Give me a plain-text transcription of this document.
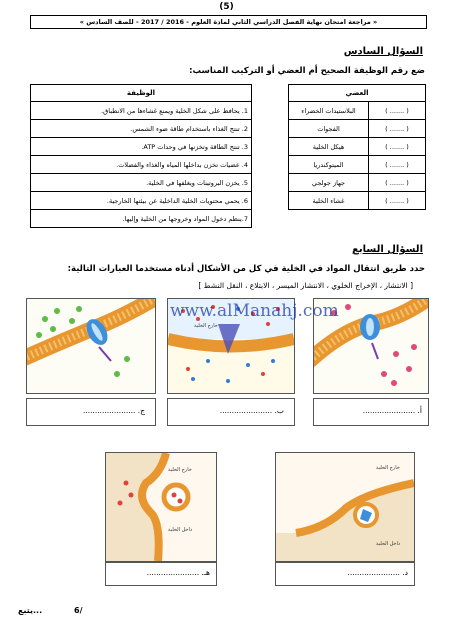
(5)
« مراجعة امتحان نهاية الفصل الدراسي الثاني لمادة العلوم - 2016 / 2017 - للصف السادس »
السؤال السادس
ضع رقم الوظيفة الصحيح أم العضي أو التركيب المناسب:
الوظيفة
1. يحافظ على شكل الخلية ويمنع غشاءها من الانطباق.
2. تنتج الغذاء باستخدام طاقة ضوء الشمس.
3. تنتج الطاقة وتخزنها في وحدات ATP.
4. عضيات تخزن بداخلها المياه والغذاء والفضلات.
5. يخزن البروتينات ويغلفها في الخلية.
6. يحمي محتويات الخلية الداخلية عن بيئتها الخارجية.
7.ينظم دخول المواد وخروجها من الخلية وإليها.
العضي	
( ....... )	البلاستيدات الخضراء
( ....... )	الفجوات
( ....... )	هيكل الخلية
( ....... )	الميتوكندريا
( ....... )	جهاز جولجي
( ....... )	غشاء الخلية
السؤال السابع
حدد طريق انتقال المواد في الخلية في كل من الأشكال أدناه مستخدما العبارات التالية:
[ الانتشار ، الإخراج الخلوي ، الانتشار الميسر ، الابتلاع ، النقل النشط ]
خارج الخلية
www.alManahj.com
ج. ......................	ب. ......................	أ. ......................
داخل الخلية
خارج الخلية	خارج الخلية
داخل الخلية
هـ. ......................	د. ......................
يتبع...	6/
